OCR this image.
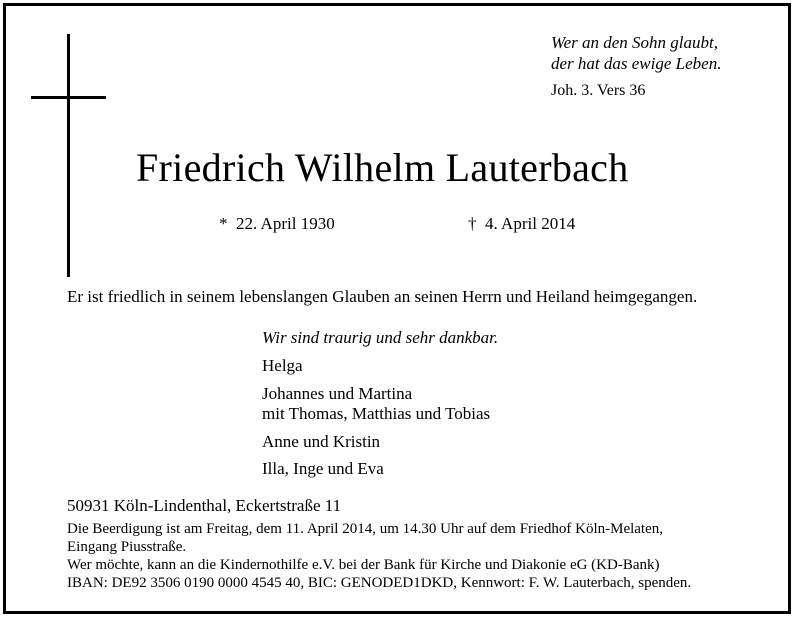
Wer an den Sohn glaubt,
der hat das ewige Leben.
Joh. 3. Vers 36
Friedrich Wilhelm Lauterbach
* 22. April 1930	† 4. April 2014
Er ist friedlich in seinem lebenslangen Glauben an seinen Herrn und Heiland heimgegangen.
Wir sind traurig und sehr dankbar.
Helga
Johannes und Martina
mit Thomas, Matthias und Tobias
Anne und Kristin
Illa, Inge und Eva
50931 Köln-Lindenthal, Eckertstraße 11
Die Beerdigung ist am Freitag, dem 11. April 2014, um 14.30 Uhr auf dem Friedhof Köln-Melaten,
Eingang Piusstraße.
Wer möchte, kann an die Kindernothilfe e.V. bei der Bank für Kirche und Diakonie eG (KD-Bank)
IBAN: DE92 3506 0190 0000 4545 40, BIC: GENODED1DKD, Kennwort: F. W. Lauterbach, spenden.
